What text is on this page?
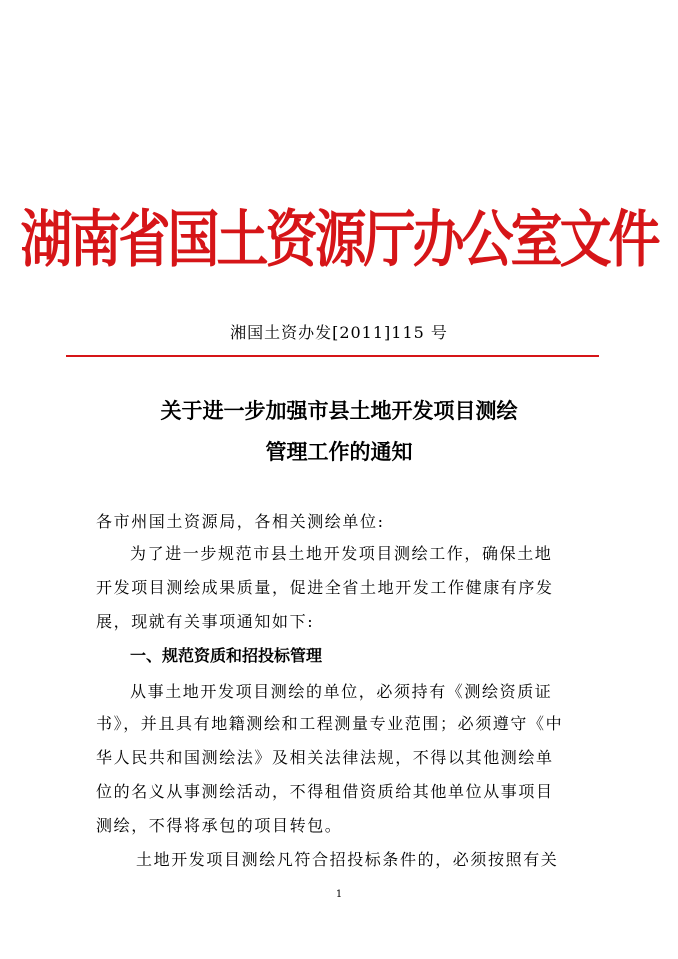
湖南省国土资源厅办公室文件
湘国土资办发[2011]115 号
关于进一步加强市县土地开发项目测绘
管理工作的通知
各市州国土资源局，各相关测绘单位:
为了进一步规范市县土地开发项目测绘工作，确保土地
开发项目测绘成果质量，促进全省土地开发工作健康有序发
展，现就有关事项通知如下:
一、规范资质和招投标管理
从事土地开发项目测绘的单位，必须持有《测绘资质证
书》，并且具有地籍测绘和工程测量专业范围；必须遵守《中
华人民共和国测绘法》及相关法律法规，不得以其他测绘单
位的名义从事测绘活动，不得租借资质给其他单位从事项目
测绘，不得将承包的项目转包。
土地开发项目测绘凡符合招投标条件的，必须按照有关
1
